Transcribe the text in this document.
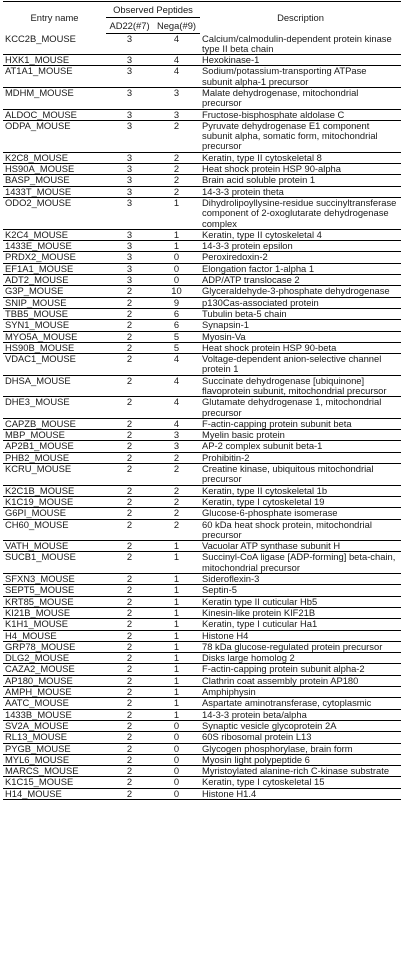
Entry name	Observed Peptides		Description
	AD22(#7)	Nega(#9)	
KCC2B_MOUSE	3	4	Calcium/calmodulin-dependent protein kinase type II beta chain
HXK1_MOUSE	3	4	Hexokinase-1
AT1A1_MOUSE	3	4	Sodium/potassium-transporting ATPase subunit alpha-1 precursor
MDHM_MOUSE	3	3	Malate dehydrogenase, mitochondrial precursor
ALDOC_MOUSE	3	3	Fructose-bisphosphate aldolase C
ODPA_MOUSE	3	2	Pyruvate dehydrogenase E1 component subunit alpha, somatic form, mitochondrial precursor
K2C8_MOUSE	3	2	Keratin, type II cytoskeletal 8
HS90A_MOUSE	3	2	Heat shock protein HSP 90-alpha
BASP_MOUSE	3	2	Brain acid soluble protein 1
1433T_MOUSE	3	2	14-3-3 protein theta
ODO2_MOUSE	3	1	Dihydrolipoyllysine-residue succinyltransferase component of 2-oxoglutarate dehydrogenase complex
K2C4_MOUSE	3	1	Keratin, type II cytoskeletal 4
1433E_MOUSE	3	1	14-3-3 protein epsilon
PRDX2_MOUSE	3	0	Peroxiredoxin-2
EF1A1_MOUSE	3	0	Elongation factor 1-alpha 1
ADT2_MOUSE	3	0	ADP/ATP translocase 2
G3P_MOUSE	2	10	Glyceraldehyde-3-phosphate dehydrogenase
SNIP_MOUSE	2	9	p130Cas-associated protein
TBB5_MOUSE	2	6	Tubulin beta-5 chain
SYN1_MOUSE	2	6	Synapsin-1
MYO5A_MOUSE	2	5	Myosin-Va
HS90B_MOUSE	2	5	Heat shock protein HSP 90-beta
VDAC1_MOUSE	2	4	Voltage-dependent anion-selective channel protein 1
DHSA_MOUSE	2	4	Succinate dehydrogenase [ubiquinone] flavoprotein subunit, mitochondrial precursor
DHE3_MOUSE	2	4	Glutamate dehydrogenase 1, mitochondrial precursor
CAPZB_MOUSE	2	4	F-actin-capping protein subunit beta
MBP_MOUSE	2	3	Myelin basic protein
AP2B1_MOUSE	2	3	AP-2 complex subunit beta-1
PHB2_MOUSE	2	2	Prohibitin-2
KCRU_MOUSE	2	2	Creatine kinase, ubiquitous mitochondrial precursor
K2C1B_MOUSE	2	2	Keratin, type II cytoskeletal 1b
K1C19_MOUSE	2	2	Keratin, type I cytoskeletal 19
G6PI_MOUSE	2	2	Glucose-6-phosphate isomerase
CH60_MOUSE	2	2	60 kDa heat shock protein, mitochondrial precursor
VATH_MOUSE	2	1	Vacuolar ATP synthase subunit H
SUCB1_MOUSE	2	1	Succinyl-CoA ligase [ADP-forming] beta-chain, mitochondrial precursor
SFXN3_MOUSE	2	1	Sideroflexin-3
SEPT5_MOUSE	2	1	Septin-5
KRT85_MOUSE	2	1	Keratin type II cuticular Hb5
KI21B_MOUSE	2	1	Kinesin-like protein KIF21B
K1H1_MOUSE	2	1	Keratin, type I cuticular Ha1
H4_MOUSE	2	1	Histone H4
GRP78_MOUSE	2	1	78 kDa glucose-regulated protein precursor
DLG2_MOUSE	2	1	Disks large homolog 2
CAZA2_MOUSE	2	1	F-actin-capping protein subunit alpha-2
AP180_MOUSE	2	1	Clathrin coat assembly protein AP180
AMPH_MOUSE	2	1	Amphiphysin
AATC_MOUSE	2	1	Aspartate aminotransferase, cytoplasmic
1433B_MOUSE	2	1	14-3-3 protein beta/alpha
SV2A_MOUSE	2	0	Synaptic vesicle glycoprotein 2A
RL13_MOUSE	2	0	60S ribosomal protein L13
PYGB_MOUSE	2	0	Glycogen phosphorylase, brain form
MYL6_MOUSE	2	0	Myosin light polypeptide 6
MARCS_MOUSE	2	0	Myristoylated alanine-rich C-kinase substrate
K1C15_MOUSE	2	0	Keratin, type I cytoskeletal 15
H14_MOUSE	2	0	Histone H1.4
